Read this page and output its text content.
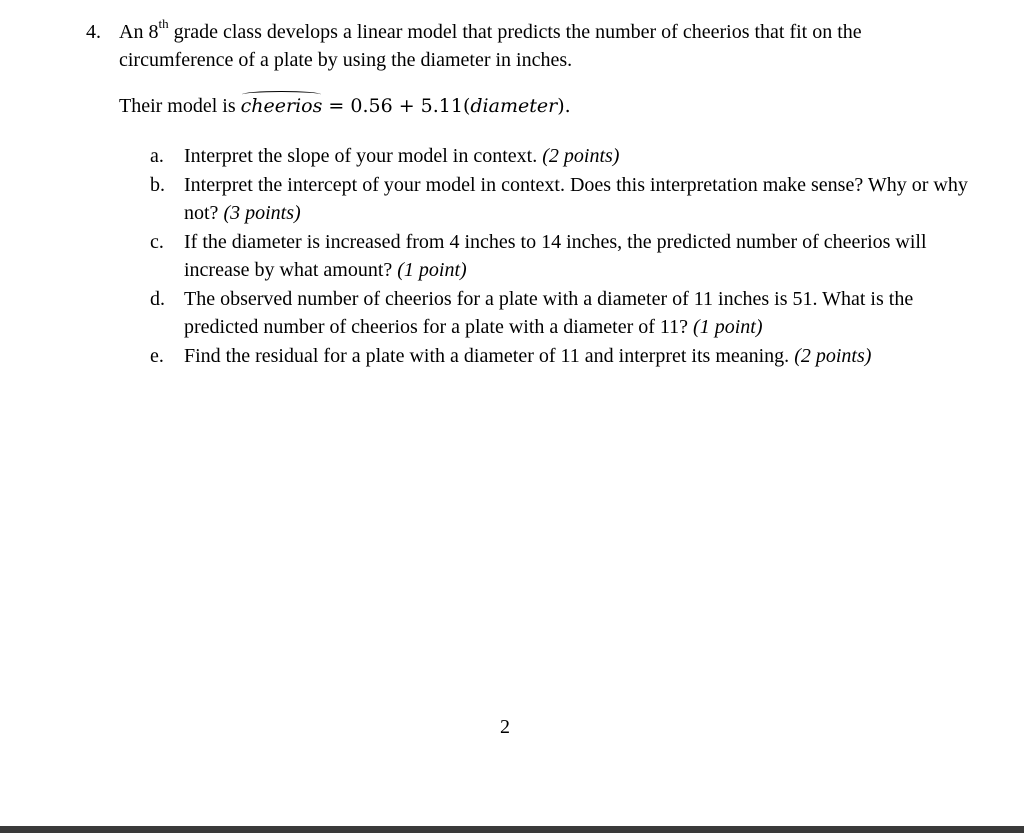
4. An 8th grade class develops a linear model that predicts the number of cheerios that fit on the circumference of a plate by using the diameter in inches.

Their model is cheerios = 0.56 + 5.11(diameter).
a. Interpret the slope of your model in context. (2 points)
b. Interpret the intercept of your model in context. Does this interpretation make sense? Why or why not? (3 points)
c. If the diameter is increased from 4 inches to 14 inches, the predicted number of cheerios will increase by what amount? (1 point)
d. The observed number of cheerios for a plate with a diameter of 11 inches is 51. What is the predicted number of cheerios for a plate with a diameter of 11? (1 point)
e. Find the residual for a plate with a diameter of 11 and interpret its meaning. (2 points)
2
